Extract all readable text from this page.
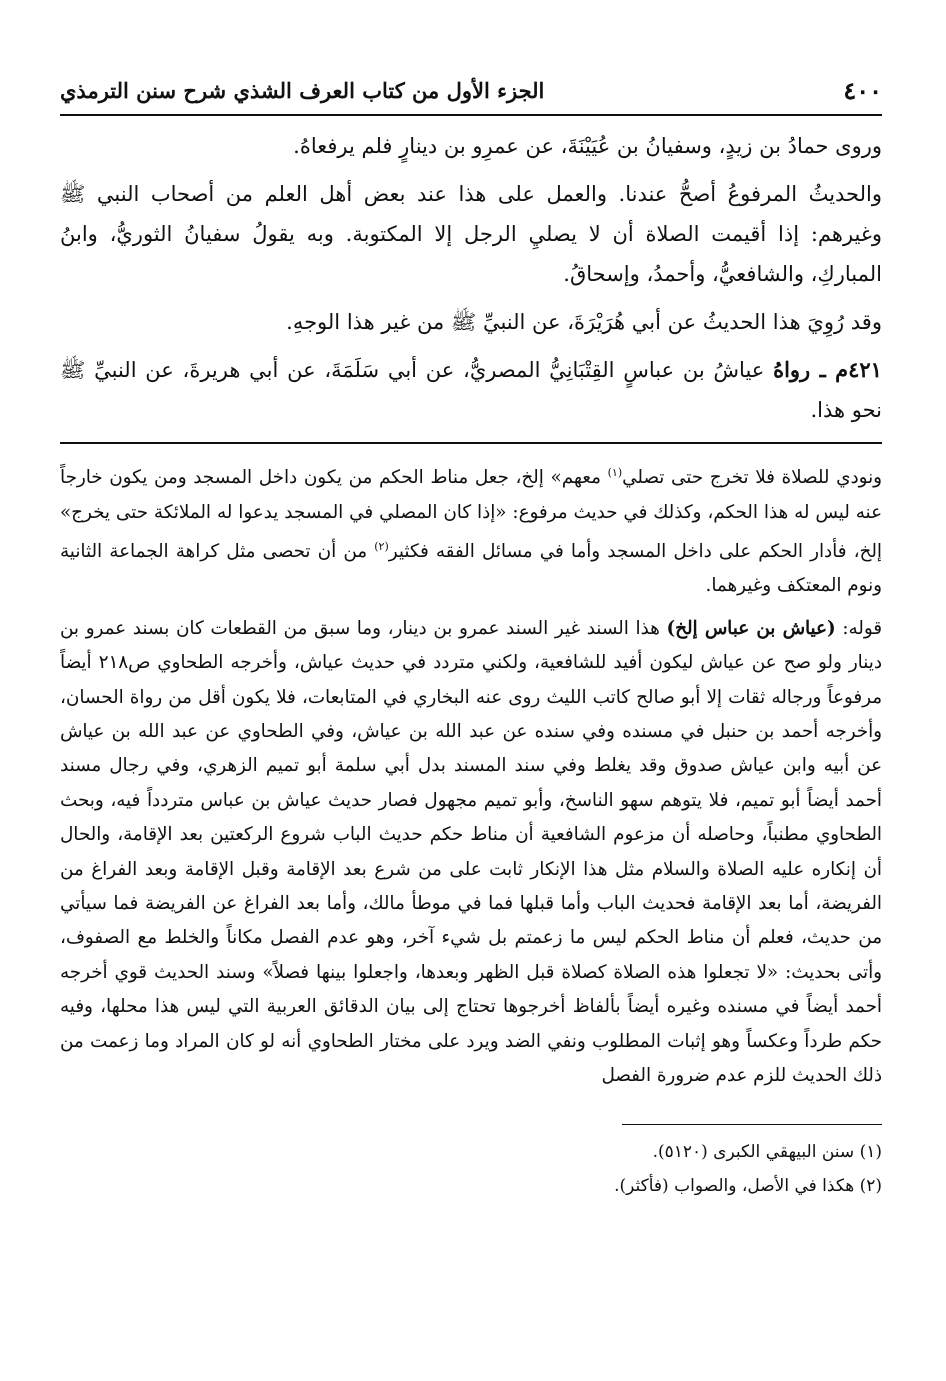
٤٠٠
الجزء الأول من كتاب العرف الشذي شرح سنن الترمذي

وروى حمادُ بن زيدٍ، وسفيانُ بن عُيَيْنَةَ، عن عمرِو بن دينارٍ فلم يرفعاهُ.

والحديثُ المرفوعُ أصحُّ عندنا. والعمل على هذا عند بعض أهل العلم من أصحاب النبي ﷺ وغيرهم: إذا أقيمت الصلاة أن لا يصليِ الرجل إلا المكتوبة. وبه يقولُ سفيانُ الثوريُّ، وابنُ المباركِ، والشافعيُّ، وأحمدُ، وإسحاقُ.

وقد رُوِيَ هذا الحديثُ عن أبي هُرَيْرَةَ، عن النبيِّ ﷺ من غير هذا الوجهِ.

٤٢١م ـ رواهُ عياشُ بن عباسٍ القِتْبَانِيُّ المصريُّ، عن أبي سَلَمَةَ، عن أبي هريرةَ، عن النبيِّ ﷺ نحو هذا.

ونودي للصلاة فلا تخرج حتى تصلي$^{(١)}$ معهم» إلخ، جعل مناط الحكم من يكون داخل المسجد ومن يكون خارجاً عنه ليس له هذا الحكم، وكذلك في حديث مرفوع: «إذا كان المصلي في المسجد يدعوا له الملائكة حتى يخرج» إلخ، فأدار الحكم على داخل المسجد وأما في مسائل الفقه فكثير$^{(٢)}$ من أن تحصى مثل كراهة الجماعة الثانية ونوم المعتكف وغيرهما.

قوله: (عياش بن عباس إلخ) هذا السند غير السند عمرو بن دينار، وما سبق من القطعات كان بسند عمرو بن دينار ولو صح عن عياش ليكون أفيد للشافعية، ولكني متردد في حديث عياش، وأخرجه الطحاوي ص٢١٨ أيضاً مرفوعاً ورجاله ثقات إلا أبو صالح كاتب الليث روى عنه البخاري في المتابعات، فلا يكون أقل من رواة الحسان، وأخرجه أحمد بن حنبل في مسنده وفي سنده عن عبد الله بن عياش، وفي الطحاوي عن عبد الله بن عياش عن أبيه وابن عياش صدوق وقد يغلط وفي سند المسند بدل أبي سلمة أبو تميم الزهري، وفي رجال مسند أحمد أيضاً أبو تميم، فلا يتوهم سهو الناسخ، وأبو تميم مجهول فصار حديث عياش بن عباس متردداً فيه، وبحث الطحاوي مطنباً، وحاصله أن مزعوم الشافعية أن مناط حكم حديث الباب شروع الركعتين بعد الإقامة، والحال أن إنكاره عليه الصلاة والسلام مثل هذا الإنكار ثابت على من شرع بعد الإقامة وقبل الإقامة وبعد الفراغ من الفريضة، أما بعد الإقامة فحديث الباب وأما قبلها فما في موطأ مالك، وأما بعد الفراغ عن الفريضة فما سيأتي من حديث، فعلم أن مناط الحكم ليس ما زعمتم بل شيء آخر، وهو عدم الفصل مكاناً والخلط مع الصفوف، وأتى بحديث: «لا تجعلوا هذه الصلاة كصلاة قبل الظهر وبعدها، واجعلوا بينها فصلاً» وسند الحديث قوي أخرجه أحمد أيضاً في مسنده وغيره أيضاً بألفاظ أخرجوها تحتاج إلى بيان الدقائق العربية التي ليس هذا محلها، وفيه حكم طرداً وعكساً وهو إثبات المطلوب ونفي الضد ويرد على مختار الطحاوي أنه لو كان المراد وما زعمت من ذلك الحديث للزم عدم ضرورة الفصل

(١) سنن البيهقي الكبرى (٥١٢٠).
(٢) هكذا في الأصل، والصواب (فأكثر).
